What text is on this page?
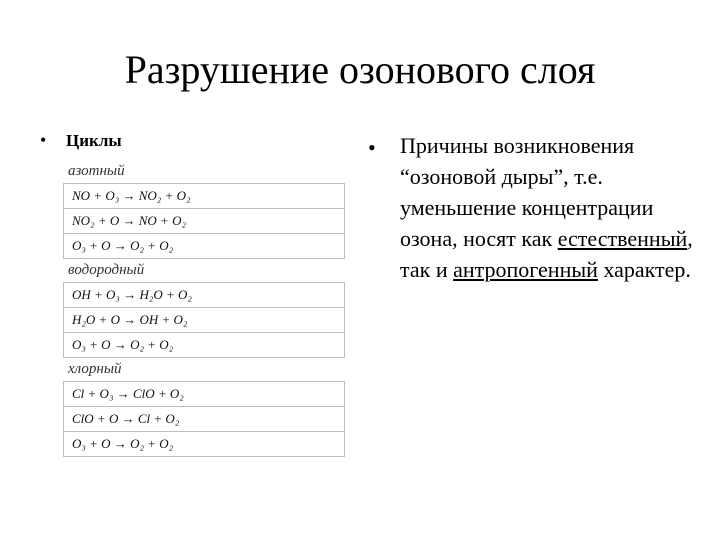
Разрушение озонового слоя
• Циклы
азотный
NO + O₃ → NO₂ + O₂
NO₂ + O → NO + O₂
O₃ + O → O₂ + O₂
водородный
OH + O₃ → H₂O + O₂
H₂O + O → OH + O₂
O₃ + O → O₂ + O₂
хлорный
Cl + O₃ → ClO + O₂
ClO + O → Cl + O₂
O₃ + O → O₂ + O₂
• Причины возникновения “озоновой дыры”, т.е. уменьшение концентрации озона, носят как естественный, так и антропогенный характер.
